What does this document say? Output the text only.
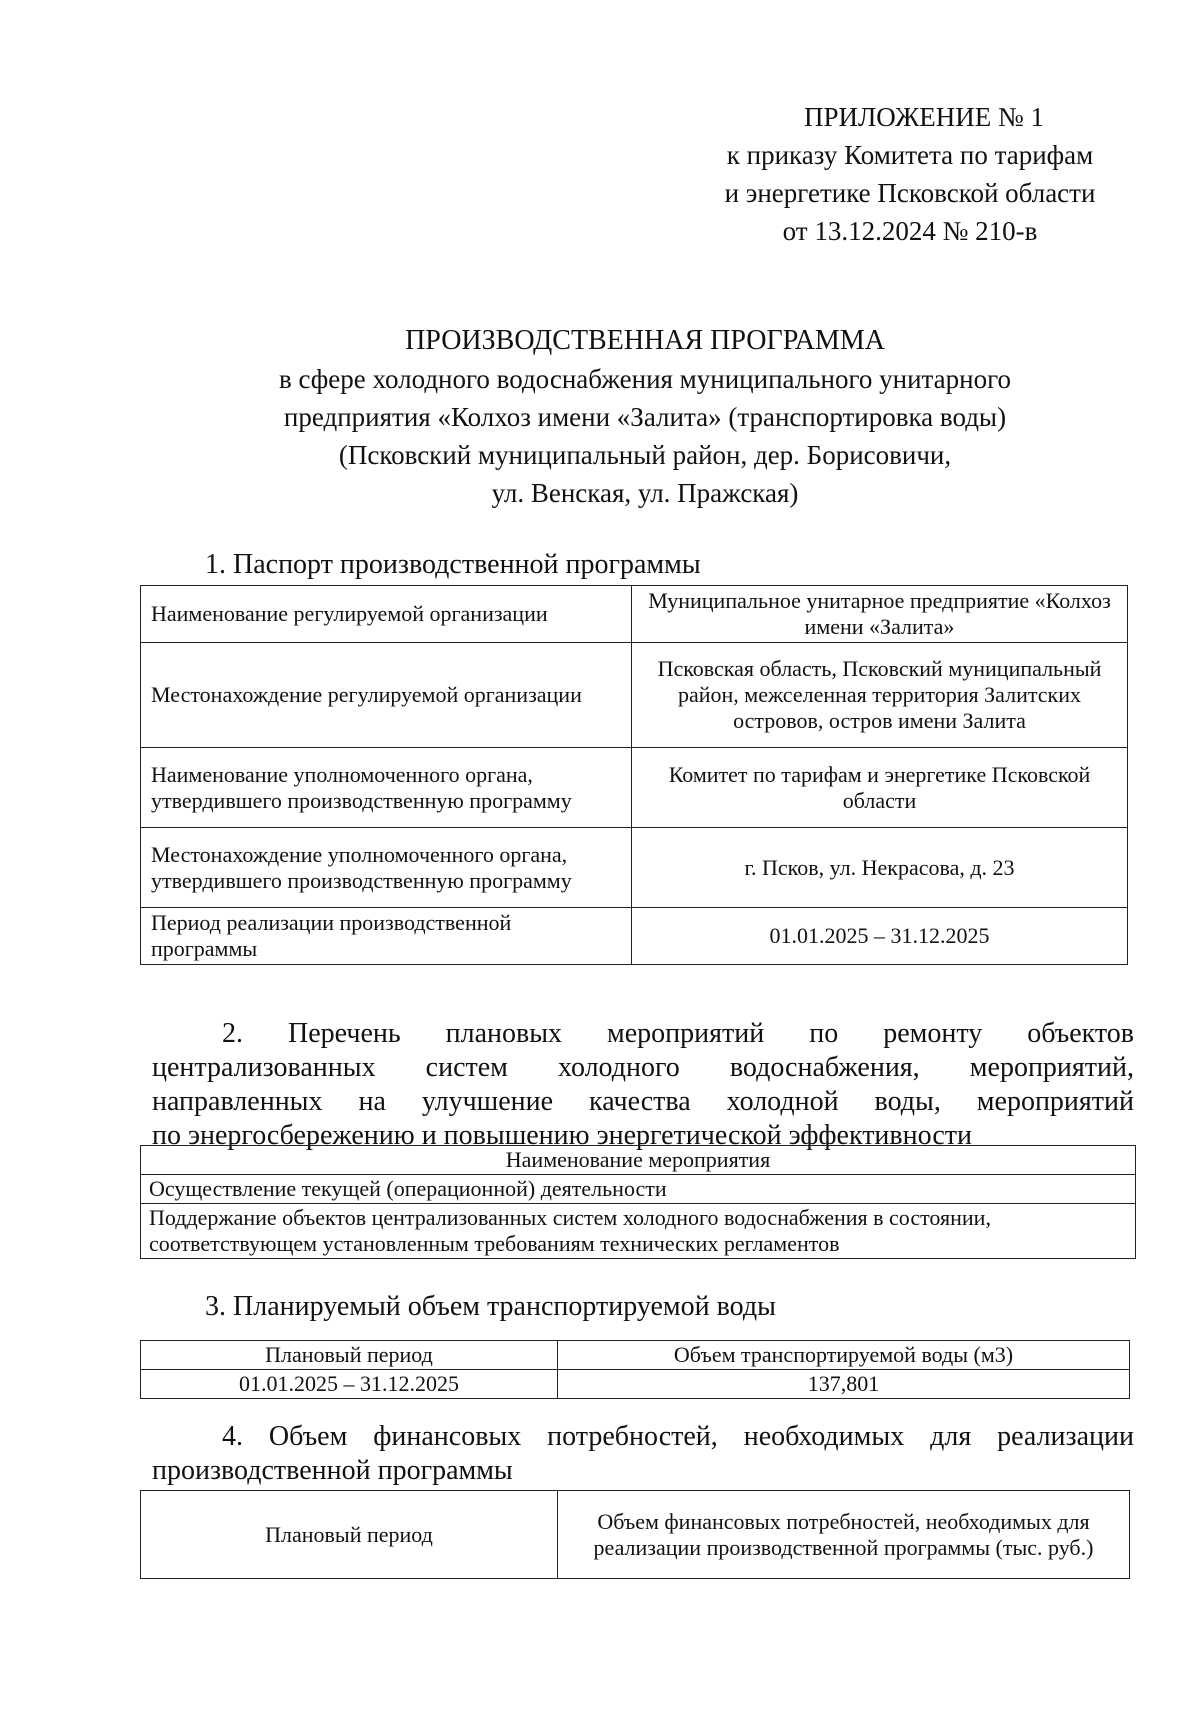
ПРИЛОЖЕНИЕ № 1
к приказу Комитета по тарифам
и энергетике Псковской области
от 13.12.2024 № 210-в
ПРОИЗВОДСТВЕННАЯ ПРОГРАММА
в сфере холодного водоснабжения муниципального унитарного
предприятия «Колхоз имени «Залита» (транспортировка воды)
(Псковский муниципальный район, дер. Борисовичи,
ул. Венская, ул. Пражская)
1. Паспорт производственной программы
Наименование регулируемой организации	Муниципальное унитарное предприятие «Колхоз имени «Залита»
Местонахождение регулируемой организации	Псковская область, Псковский муниципальный район, межселенная территория Залитских островов, остров имени Залита
Наименование уполномоченного органа, утвердившего производственную программу	Комитет по тарифам и энергетике Псковской области
Местонахождение уполномоченного органа, утвердившего производственную программу	г. Псков, ул. Некрасова, д. 23
Период реализации производственной программы	01.01.2025 – 31.12.2025
2. Перечень плановых мероприятий по ремонту объектов
централизованных систем холодного водоснабжения, мероприятий,
направленных на улучшение качества холодной воды, мероприятий
по энергосбережению и повышению энергетической эффективности
Наименование мероприятия
Осуществление текущей (операционной) деятельности
Поддержание объектов централизованных систем холодного водоснабжения в состоянии, соответствующем установленным требованиям технических регламентов
3. Планируемый объем транспортируемой воды
Плановый период	Объем транспортируемой воды (м3)
01.01.2025 – 31.12.2025	137,801
4. Объем финансовых потребностей, необходимых для реализации
производственной программы
Плановый период	Объем финансовых потребностей, необходимых для реализации производственной программы (тыс. руб.)
